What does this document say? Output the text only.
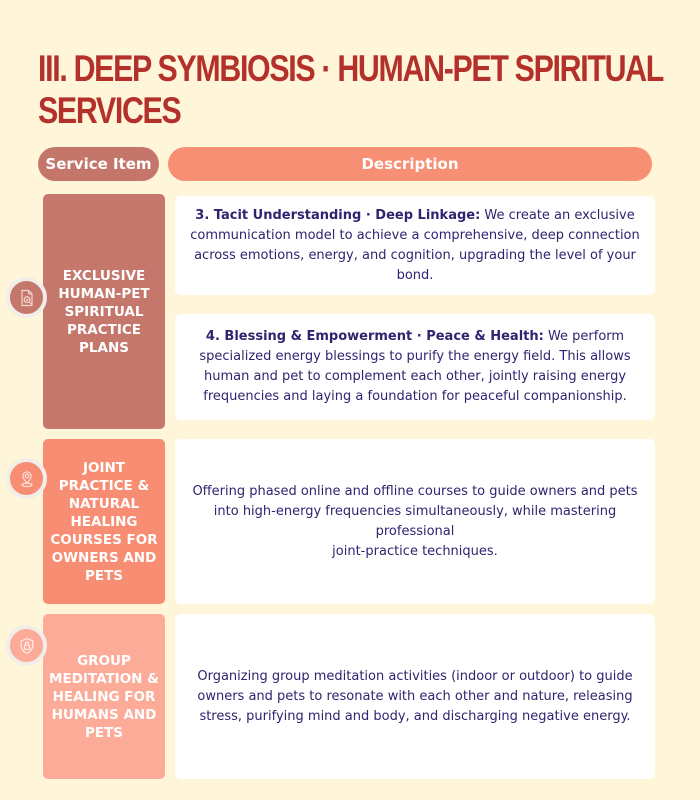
III. DEEP SYMBIOSIS · HUMAN-PET SPIRITUAL SERVICES
Service Item	Description
EXCLUSIVE HUMAN-PET SPIRITUAL PRACTICE PLANS

3. Tacit Understanding · Deep Linkage: We create an exclusive communication model to achieve a comprehensive, deep connection across emotions, energy, and cognition, upgrading the level of your bond.

4. Blessing & Empowerment · Peace & Health: We perform specialized energy blessings to purify the energy field. This allows human and pet to complement each other, jointly raising energy frequencies and laying a foundation for peaceful companionship.

JOINT PRACTICE & NATURAL HEALING COURSES FOR OWNERS AND PETS

Offering phased online and offline courses to guide owners and pets into high-energy frequencies simultaneously, while mastering professional
joint-practice techniques.

GROUP MEDITATION & HEALING FOR HUMANS AND PETS

Organizing group meditation activities (indoor or outdoor) to guide owners and pets to resonate with each other and nature, releasing stress, purifying mind and body, and discharging negative energy.
